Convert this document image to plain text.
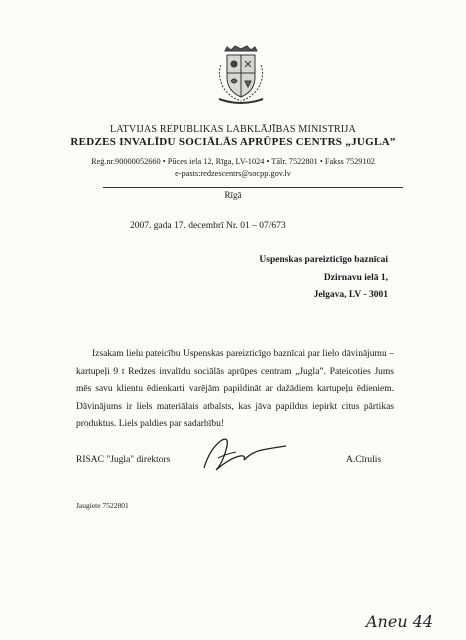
LATVIJAS REPUBLIKAS LABKLĀJĪBAS MINISTRIJA
REDZES INVALĪDU SOCIĀLĀS APRŪPES CENTRS „JUGLA”
Reģ.nr.90000052660 • Pūces iela 12, Rīga, LV-1024 • Tālr. 7522801 • Fakss 7529102
e-pasts:redzescentrs@socpp.gov.lv
Rīgā
2007. gada 17. decembrī Nr. 01 – 07/673
Uspenskas pareizticīgo baznīcai
Dzirnavu ielā 1,
Jelgava, LV - 3001
Izsakam lielu pateicību Uspenskas pareizticīgo baznīcai par lielo dāvinājumu – kartupeļi 9 t Redzes invalīdu sociālās aprūpes centram „Jugla”. Pateicoties Jums mēs savu klientu ēdienkarti varējām papildināt ar dažādiem kartupeļu ēdieniem. Dāvinājums ir liels materiālais atbalsts, kas jāva papildus iepirkt citus pārtikas produktus. Liels paldies par sadarbību!
RISAC "Jugla" direktors	A.Cīrulis
Jaugiete 7522801
Aneu 44
